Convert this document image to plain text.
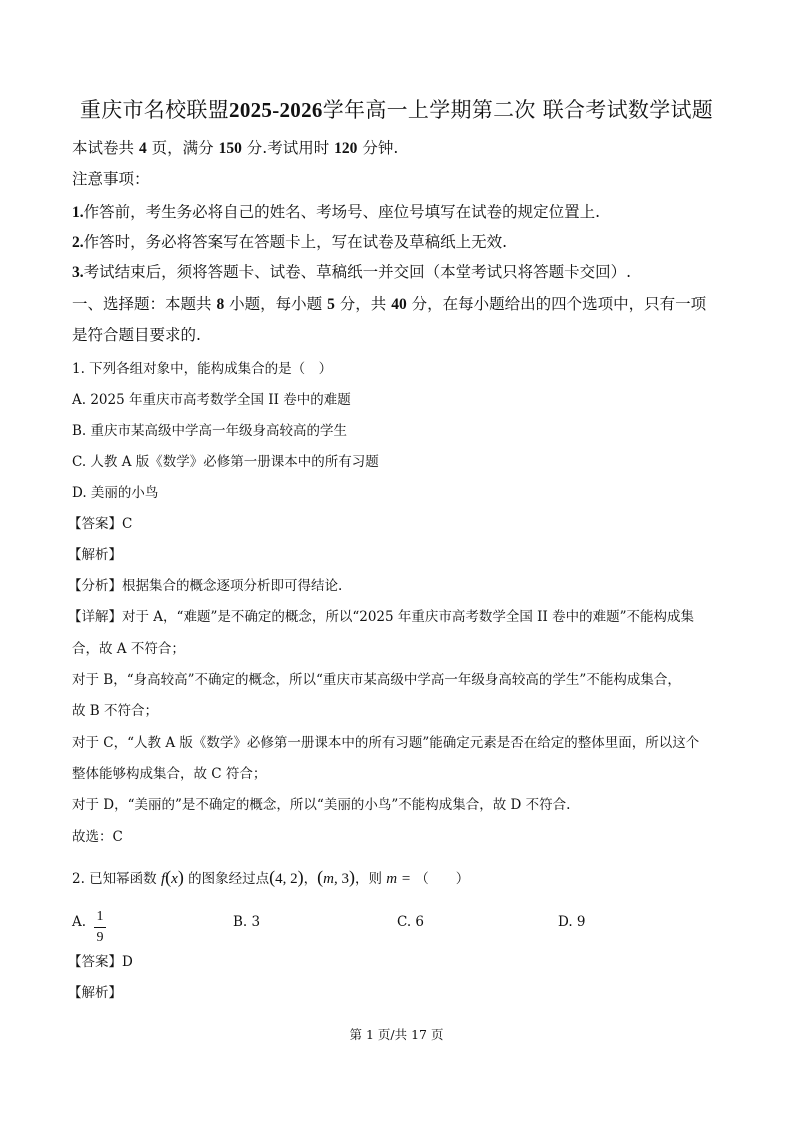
重庆市名校联盟2025-2026学年高一上学期第二次 联合考试数学试题
本试卷共 4 页，满分 150 分.考试用时 120 分钟.
注意事项：
1.作答前，考生务必将自己的姓名、考场号、座位号填写在试卷的规定位置上.
2.作答时，务必将答案写在答题卡上，写在试卷及草稿纸上无效.
3.考试结束后，须将答题卡、试卷、草稿纸一并交回（本堂考试只将答题卡交回）.
一、选择题：本题共 8 小题，每小题 5 分，共 40 分，在每小题给出的四个选项中，只有一项
是符合题目要求的.
1. 下列各组对象中，能构成集合的是（　）
A. 2025 年重庆市高考数学全国 II 卷中的难题
B. 重庆市某高级中学高一年级身高较高的学生
C. 人教 A 版《数学》必修第一册课本中的所有习题
D. 美丽的小鸟
【答案】C
【解析】
【分析】根据集合的概念逐项分析即可得结论.
【详解】对于 A，“难题”是不确定的概念，所以“2025 年重庆市高考数学全国 II 卷中的难题”不能构成集
合，故 A 不符合；
对于 B，“身高较高”不确定的概念，所以“重庆市某高级中学高一年级身高较高的学生”不能构成集合，
故 B 不符合；
对于 C，“人教 A 版《数学》必修第一册课本中的所有习题”能确定元素是否在给定的整体里面，所以这个
整体能够构成集合，故 C 符合；
对于 D，“美丽的”是不确定的概念，所以“美丽的小鸟”不能构成集合，故 D 不符合.
故选：C
2. 已知幂函数 f(x) 的图象经过点(4, 2)，(m, 3)，则 m = （　　）
A. 1
9
B. 3	C. 6	D. 9
【答案】D
【解析】
第 1 页/共 17 页
